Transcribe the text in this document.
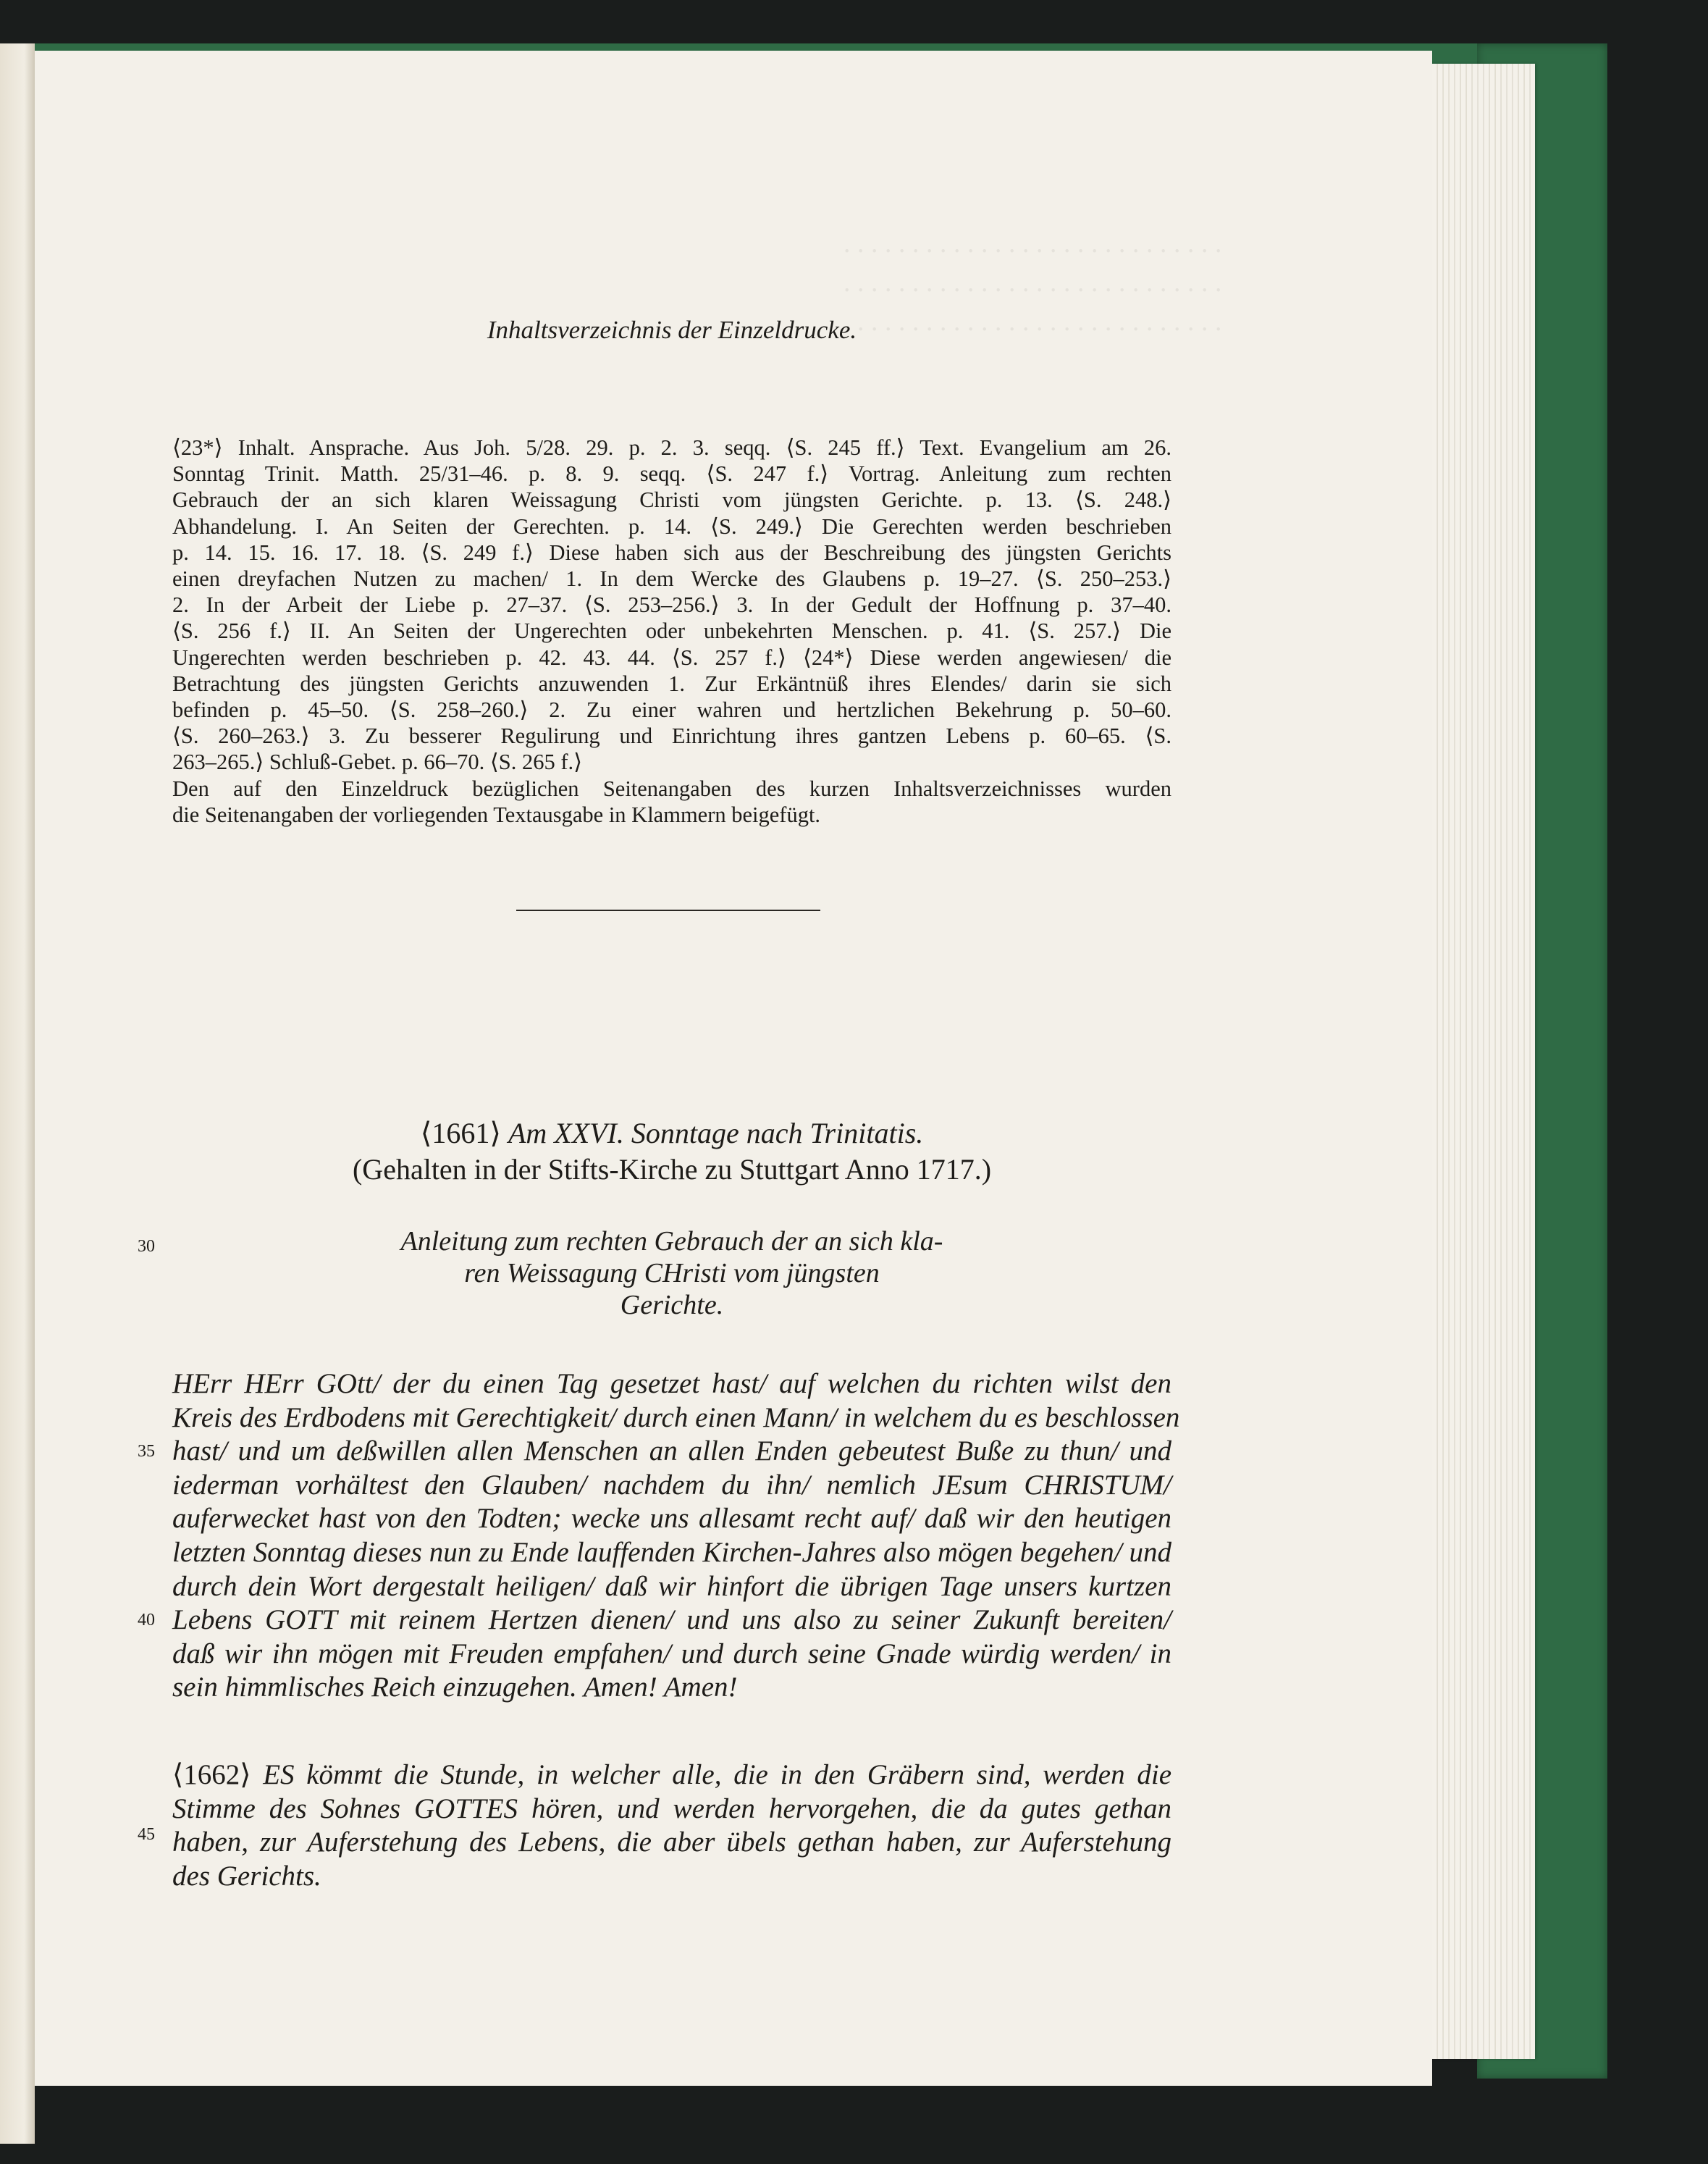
· · · · · · · · · · · · · · · · · · · · · · · · · · · ·
· · · · · · · · · · · · · · · · · · · · · · · · · · · ·
· · · · · · · · · · · · · · · · · · · · · · · · · · · ·
Inhaltsverzeichnis der Einzeldrucke.
⟨23*⟩ Inhalt. Ansprache. Aus Joh. 5/28. 29. p. 2. 3. seqq. ⟨S. 245 ff.⟩ Text. Evangelium am 26.
Sonntag Trinit. Matth. 25/31–46. p. 8. 9. seqq. ⟨S. 247 f.⟩ Vortrag. Anleitung zum rechten
Gebrauch der an sich klaren Weissagung Christi vom jüngsten Gerichte. p. 13. ⟨S. 248.⟩
Abhandelung. I. An Seiten der Gerechten. p. 14. ⟨S. 249.⟩ Die Gerechten werden beschrieben
p. 14. 15. 16. 17. 18. ⟨S. 249 f.⟩ Diese haben sich aus der Beschreibung des jüngsten Gerichts
einen dreyfachen Nutzen zu machen/ 1. In dem Wercke des Glaubens p. 19–27. ⟨S. 250–253.⟩
2. In der Arbeit der Liebe p. 27–37. ⟨S. 253–256.⟩ 3. In der Gedult der Hoffnung p. 37–40.
⟨S. 256 f.⟩ II. An Seiten der Ungerechten oder unbekehrten Menschen. p. 41. ⟨S. 257.⟩ Die
Ungerechten werden beschrieben p. 42. 43. 44. ⟨S. 257 f.⟩ ⟨24*⟩ Diese werden angewiesen/ die
Betrachtung des jüngsten Gerichts anzuwenden 1. Zur Erkäntnüß ihres Elendes/ darin sie sich
befinden p. 45–50. ⟨S. 258–260.⟩ 2. Zu einer wahren und hertzlichen Bekehrung p. 50–60.
⟨S. 260–263.⟩ 3. Zu besserer Regulirung und Einrichtung ihres gantzen Lebens p. 60–65. ⟨S.
263–265.⟩ Schluß-Gebet. p. 66–70. ⟨S. 265 f.⟩
Den auf den Einzeldruck bezüglichen Seitenangaben des kurzen Inhaltsverzeichnisses wurden
die Seitenangaben der vorliegenden Textausgabe in Klammern beigefügt.
⟨1661⟩ Am XXVI. Sonntage nach Trinitatis.
(Gehalten in der Stifts-Kirche zu Stuttgart Anno 1717.)
Anleitung zum rechten Gebrauch der an sich kla-
ren Weissagung CHristi vom jüngsten
Gerichte.
HErr HErr GOtt/ der du einen Tag gesetzet hast/ auf welchen du richten wilst den
Kreis des Erdbodens mit Gerechtigkeit/ durch einen Mann/ in welchem du es beschlossen
hast/ und um deßwillen allen Menschen an allen Enden gebeutest Buße zu thun/ und
iederman vorhältest den Glauben/ nachdem du ihn/ nemlich JEsum CHRISTUM/
auferwecket hast von den Todten; wecke uns allesamt recht auf/ daß wir den heutigen
letzten Sonntag dieses nun zu Ende lauffenden Kirchen-Jahres also mögen begehen/ und
durch dein Wort dergestalt heiligen/ daß wir hinfort die übrigen Tage unsers kurtzen
Lebens GOTT mit reinem Hertzen dienen/ und uns also zu seiner Zukunft bereiten/
daß wir ihn mögen mit Freuden empfahen/ und durch seine Gnade würdig werden/ in
sein himmlisches Reich einzugehen. Amen! Amen!
⟨1662⟩ ES kömmt die Stunde, in welcher alle, die in den Gräbern sind, werden die
Stimme des Sohnes GOTTES hören, und werden hervorgehen, die da gutes gethan
haben, zur Auferstehung des Lebens, die aber übels gethan haben, zur Auferstehung
des Gerichts.
30
35
40
45
